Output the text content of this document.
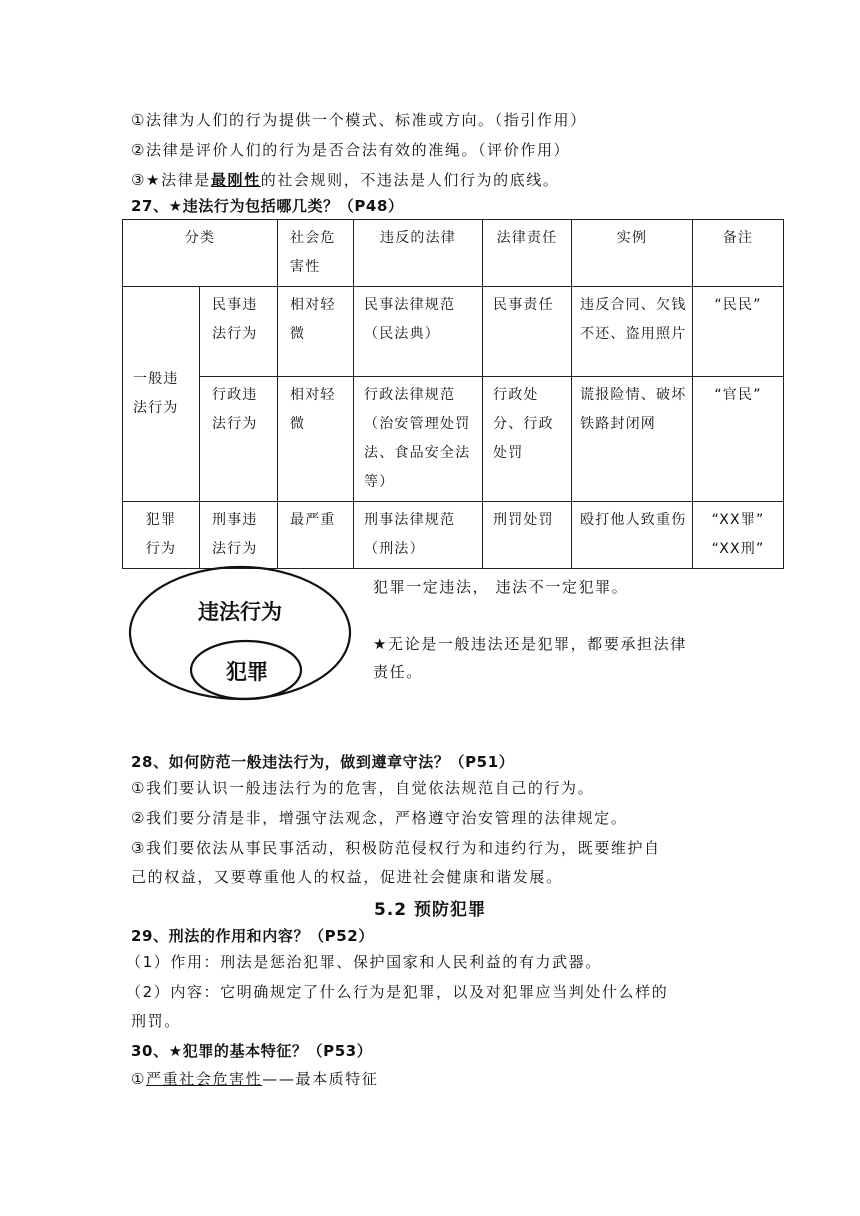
①法律为人们的行为提供一个模式、标准或方向。（指引作用）
②法律是评价人们的行为是否合法有效的准绳。（评价作用）
③★法律是最刚性的社会规则，不违法是人们行为的底线。
27、★违法行为包括哪几类？（P48）
分类		社会危害性	违反的法律	法律责任	实例	备注
一般违法行为	民事违法行为	相对轻微	民事法律规范（民法典）	民事责任	违反合同、欠钱不还、盗用照片	“民民”
	行政违法行为	相对轻微	行政法律规范（治安管理处罚法、食品安全法等）	行政处分、行政处罚	谎报险情、破坏铁路封闭网	“官民”
犯罪行为	刑事违法行为	最严重	刑事法律规范（刑法）	刑罚处罚	殴打他人致重伤	“XX罪”
“XX刑”
违法行为
犯罪
犯罪一定违法， 违法不一定犯罪。
★无论是一般违法还是犯罪，都要承担法律
责任。
28、如何防范一般违法行为，做到遵章守法？（P51）
①我们要认识一般违法行为的危害，自觉依法规范自己的行为。
②我们要分清是非，增强守法观念，严格遵守治安管理的法律规定。
③我们要依法从事民事活动，积极防范侵权行为和违约行为，既要维护自
己的权益，又要尊重他人的权益，促进社会健康和谐发展。
5.2 预防犯罪
29、刑法的作用和内容？（P52）
（1）作用：刑法是惩治犯罪、保护国家和人民利益的有力武器。
（2）内容：它明确规定了什么行为是犯罪，以及对犯罪应当判处什么样的
刑罚。
30、★犯罪的基本特征？（P53）
①严重社会危害性——最本质特征
